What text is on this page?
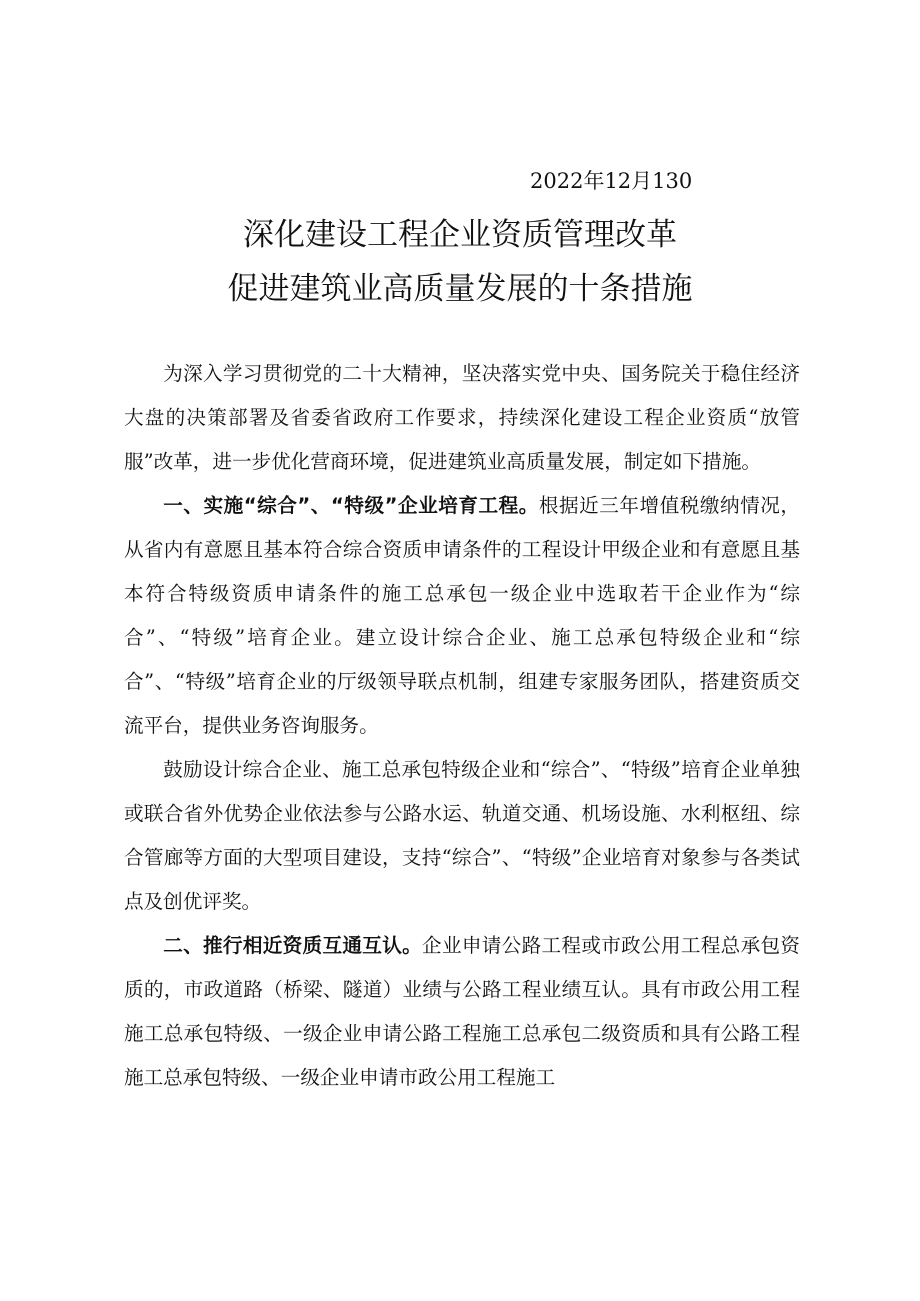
2022年12月130
深化建设工程企业资质管理改革
促进建筑业高质量发展的十条措施

为深入学习贯彻党的二十大精神，坚决落实党中央、国务院关于稳住经济大盘的决策部署及省委省政府工作要求，持续深化建设工程企业资质“放管服”改革，进一步优化营商环境，促进建筑业高质量发展，制定如下措施。

一、实施“综合”、“特级”企业培育工程。根据近三年增值税缴纳情况，从省内有意愿且基本符合综合资质申请条件的工程设计甲级企业和有意愿且基本符合特级资质申请条件的施工总承包一级企业中选取若干企业作为“综合”、“特级”培育企业。建立设计综合企业、施工总承包特级企业和“综合”、“特级”培育企业的厅级领导联点机制，组建专家服务团队，搭建资质交流平台，提供业务咨询服务。

鼓励设计综合企业、施工总承包特级企业和“综合”、“特级”培育企业单独或联合省外优势企业依法参与公路水运、轨道交通、机场设施、水利枢纽、综合管廊等方面的大型项目建设，支持“综合”、“特级”企业培育对象参与各类试点及创优评奖。

二、推行相近资质互通互认。企业申请公路工程或市政公用工程总承包资质的，市政道路（桥梁、隧道）业绩与公路工程业绩互认。具有市政公用工程施工总承包特级、一级企业申请公路工程施工总承包二级资质和具有公路工程施工总承包特级、一级企业申请市政公用工程施工
